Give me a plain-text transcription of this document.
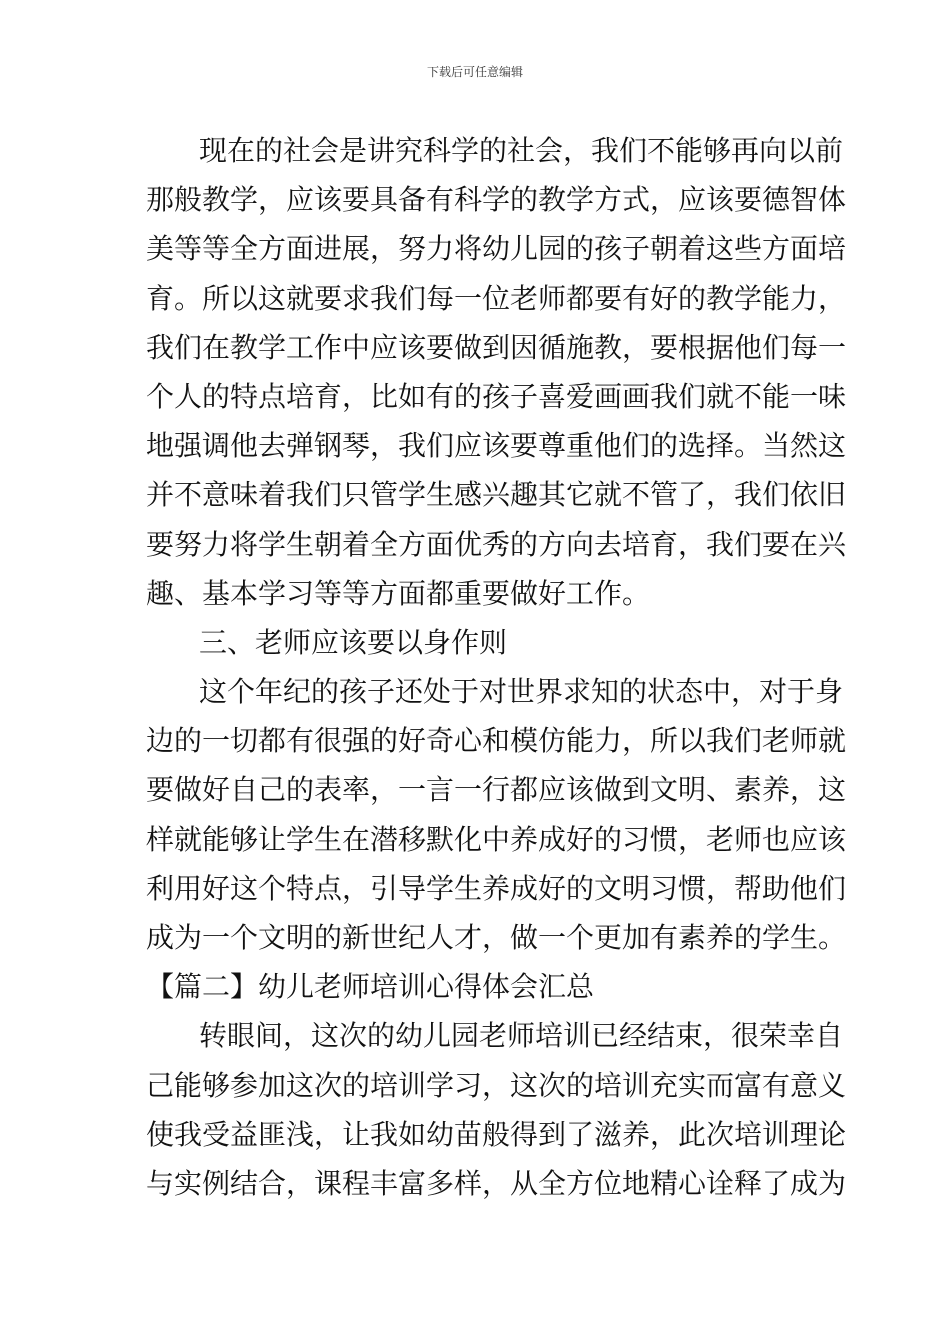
下载后可任意编辑
现在的社会是讲究科学的社会，我们不能够再向以前
那般教学，应该要具备有科学的教学方式，应该要德智体
美等等全方面进展，努力将幼儿园的孩子朝着这些方面培
育。所以这就要求我们每一位老师都要有好的教学能力，
我们在教学工作中应该要做到因循施教，要根据他们每一
个人的特点培育，比如有的孩子喜爱画画我们就不能一味
地强调他去弹钢琴，我们应该要尊重他们的选择。当然这
并不意味着我们只管学生感兴趣其它就不管了，我们依旧
要努力将学生朝着全方面优秀的方向去培育，我们要在兴
趣、基本学习等等方面都重要做好工作。
三、老师应该要以身作则
这个年纪的孩子还处于对世界求知的状态中，对于身
边的一切都有很强的好奇心和模仿能力，所以我们老师就
要做好自己的表率，一言一行都应该做到文明、素养，这
样就能够让学生在潜移默化中养成好的习惯，老师也应该
利用好这个特点，引导学生养成好的文明习惯，帮助他们
成为一个文明的新世纪人才，做一个更加有素养的学生。
【篇二】幼儿老师培训心得体会汇总
转眼间，这次的幼儿园老师培训已经结束，很荣幸自
己能够参加这次的培训学习，这次的培训充实而富有意义
使我受益匪浅，让我如幼苗般得到了滋养，此次培训理论
与实例结合，课程丰富多样，从全方位地精心诠释了成为
